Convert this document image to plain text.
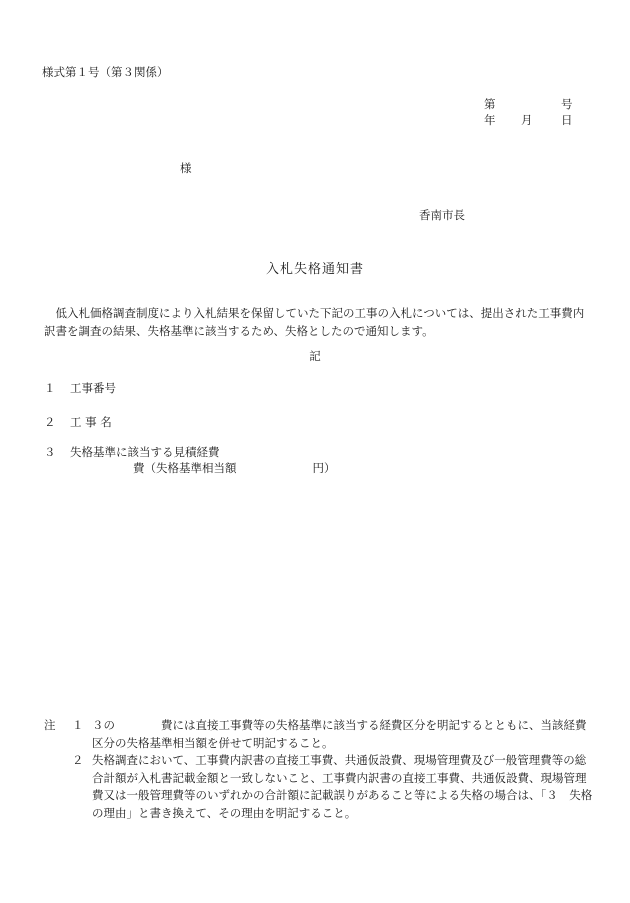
様式第１号（第３関係）
第	号
年 月 日
様
香南市長
入札失格通知書
低入札価格調査制度により入札結果を保留していた下記の工事の入札については、提出された工事費内訳書を調査の結果、失格基準に該当するため、失格としたので通知します。
記
１ 工事番号
２ 工 事 名
３ 失格基準に該当する見積経費
費（失格基準相当額	円）
注	１ ３の	費には直接工事費等の失格基準に該当する経費区分を明記するとともに、当該経費区分の失格基準相当額を併せて明記すること。
２ 失格調査において、工事費内訳書の直接工事費、共通仮設費、現場管理費及び一般管理費等の総合計額が入札書記載金額と一致しないこと、工事費内訳書の直接工事費、共通仮設費、現場管理費又は一般管理費等のいずれかの合計額に記載誤りがあること等による失格の場合は、「３　失格の理由」と書き換えて、その理由を明記すること。
